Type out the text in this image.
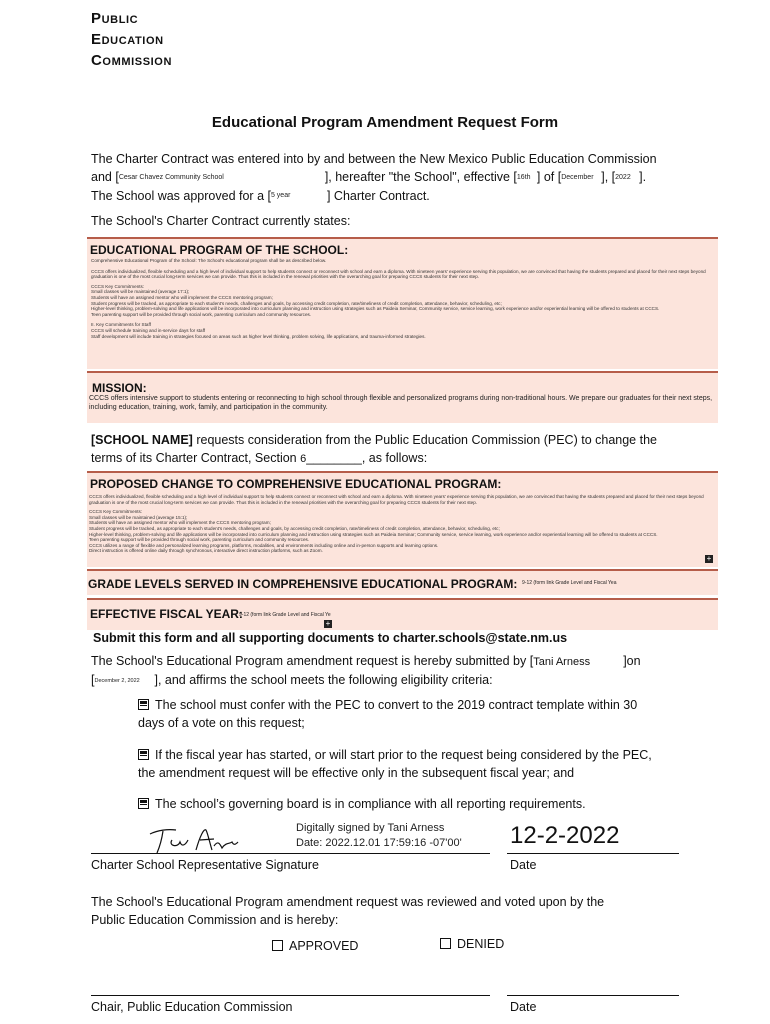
Public
Education
Commission
Educational Program Amendment Request Form
The Charter Contract was entered into by and between the New Mexico Public Education Commission
and [Cesar Chavez Community School	], hereafter "the School", effective [16th ] of [December ], [2022 ].
The School was approved for a [5 year	] Charter Contract.
The School's Charter Contract currently states:
EDUCATIONAL PROGRAM OF THE SCHOOL:
Comprehensive Educational Program of the School: The School's educational program shall be as described below.
CCCS offers individualized, flexible scheduling and a high level of individual support to help students connect or reconnect with school and earn a diploma. With nineteen years' experience serving this population, we are convinced that having the students prepared and placed for their next steps beyond graduation is one of the most crucial long-term services we can provide. Thus this is included in the renewal priorities with the overarching goal for preparing CCCS students for their next step.
CCCS Key Commitments:
Small classes will be maintained (average 17:1);
Students will have an assigned mentor who will implement the CCCS mentoring program;
Student progress will be tracked, as appropriate to each student's needs, challenges and goals, by accessing credit completion, rate/timeliness of credit completion, attendance, behavior, scheduling, etc;
Higher-level thinking, problem-solving and life applications will be incorporated into curriculum planning and instruction using strategies such as Paideia Seminar, Community service, service learning, work experience and/or experiential learning will be offered to students at CCCS.
Teen parenting support will be provided through social work, parenting curriculum and community resources.
II. Key Commitments for Staff
CCCS will schedule training and in-service days for staff
Staff development will include training in strategies focused on areas such as higher level thinking, problem solving, life applications, and trauma-informed strategies.
MISSION:
CCCS offers intensive support to students entering or reconnecting to high school through flexible and personalized programs during non-traditional hours. We prepare our graduates for their next steps, including education, training, work, family, and participation in the community.
[SCHOOL NAME] requests consideration from the Public Education Commission (PEC) to change the
terms of its Charter Contract, Section 6________, as follows:
PROPOSED CHANGE TO COMPREHENSIVE EDUCATIONAL PROGRAM:
CCCS offers individualized, flexible scheduling and a high level of individual support to help students connect or reconnect with school and earn a diploma. With nineteen years' experience serving this population, we are convinced that having the students prepared and placed for their next steps beyond graduation is one of the most crucial long-term services we can provide. Thus this is included in the renewal priorities with the overarching goal for preparing CCCS students for their next step.
CCCS Key Commitments:
Small classes will be maintained (average 15:1);
Students will have an assigned mentor who will implement the CCCS mentoring program;
Student progress will be tracked, as appropriate to each student's needs, challenges and goals, by accessing credit completion, rate/timeliness of credit completion, attendance, behavior, scheduling, etc;
Higher-level thinking, problem-solving and life applications will be incorporated into curriculum planning and instruction using strategies such as Paideia Seminar; Community service, service learning, work experience and/or experiential learning will be offered to students at CCCS.
Teen parenting support will be provided through social work, parenting curriculum and community resources.
CCCS utilizes a range of flexible and personalized learning programs, platforms, modalities, and environments including online and in-person supports and learning options.
Direct instruction is offered online daily through synchronous, interactive direct instruction platforms, such as Zoom.
+
GRADE LEVELS SERVED IN COMPREHENSIVE EDUCATIONAL PROGRAM: 9-12 (form link Grade Level and Fiscal Yea
EFFECTIVE FISCAL YEAR:
9-12 (form link Grade Level and Fiscal Ye
+
Submit this form and all supporting documents to charter.schools@state.nm.us
The School's Educational Program amendment request is hereby submitted by [Tani Arness	]on
[December 2, 2022 ], and affirms the school meets the following eligibility criteria:
The school must confer with the PEC to convert to the 2019 contract template within 30
days of a vote on this request;
If the fiscal year has started, or will start prior to the request being considered by the PEC,
the amendment request will be effective only in the subsequent fiscal year; and
The school’s governing board is in compliance with all reporting requirements.
Digitally signed by Tani Arness
Date: 2022.12.01 17:59:16 -07'00' 12-2-2022
Charter School Representative Signature	Date
The School's Educational Program amendment request was reviewed and voted upon by the
Public Education Commission and is hereby:
APPROVED	DENIED
Chair, Public Education Commission	Date
